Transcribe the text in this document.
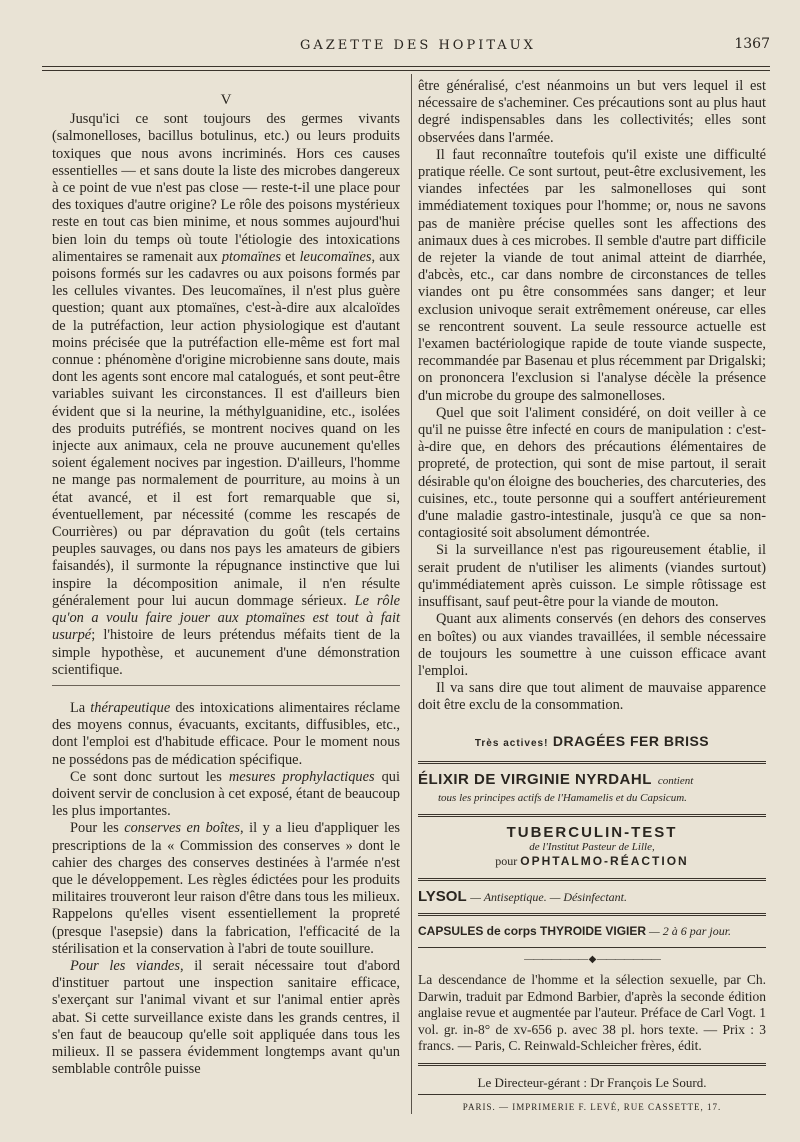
GAZETTE DES HOPITAUX	1367
V

Jusqu'ici ce sont toujours des germes vivants (salmonelloses, bacillus botulinus, etc.) ou leurs produits toxiques que nous avons incriminés. Hors ces causes essentielles — et sans doute la liste des microbes dangereux à ce point de vue n'est pas close — reste-t-il une place pour des toxiques d'autre origine? Le rôle des poisons mystérieux reste en tout cas bien minime, et nous sommes aujourd'hui bien loin du temps où toute l'étiologie des intoxications alimentaires se ramenait aux ptomaïnes et leucomaïnes, aux poisons formés sur les cadavres ou aux poisons formés par les cellules vivantes. Des leucomaïnes, il n'est plus guère question; quant aux ptomaïnes, c'est-à-dire aux alcaloïdes de la putréfaction, leur action physiologique est d'autant moins précisée que la putréfaction elle-même est fort mal connue : phénomène d'origine microbienne sans doute, mais dont les agents sont encore mal catalogués, et sont peut-être variables suivant les circonstances. Il est d'ailleurs bien évident que si la neurine, la méthylguanidine, etc., isolées des produits putréfiés, se montrent nocives quand on les injecte aux animaux, cela ne prouve aucunement qu'elles soient également nocives par ingestion. D'ailleurs, l'homme ne mange pas normalement de pourriture, au moins à un état avancé, et il est fort remarquable que si, éventuellement, par nécessité (comme les rescapés de Courrières) ou par dépravation du goût (tels certains peuples sauvages, ou dans nos pays les amateurs de gibiers faisandés), il surmonte la répugnance instinctive que lui inspire la décomposition animale, il n'en résulte généralement pour lui aucun dommage sérieux. Le rôle qu'on a voulu faire jouer aux ptomaïnes est tout à fait usurpé; l'histoire de leurs prétendus méfaits tient de la simple hypothèse, et aucunement d'une démonstration scientifique.

La thérapeutique des intoxications alimentaires réclame des moyens connus, évacuants, excitants, diffusibles, etc., dont l'emploi est d'habitude efficace. Pour le moment nous ne possédons pas de médication spécifique.

Ce sont donc surtout les mesures prophylactiques qui doivent servir de conclusion à cet exposé, étant de beaucoup les plus importantes.

Pour les conserves en boîtes, il y a lieu d'appliquer les prescriptions de la « Commission des conserves » dont le cahier des charges des conserves destinées à l'armée n'est que le développement. Les règles édictées pour les produits militaires trouveront leur raison d'être dans tous les milieux. Rappelons qu'elles visent essentiellement la propreté (presque l'asepsie) dans la fabrication, l'efficacité de la stérilisation et la conservation à l'abri de toute souillure.

Pour les viandes, il serait nécessaire tout d'abord d'instituer partout une inspection sanitaire efficace, s'exerçant sur l'animal vivant et sur l'animal entier après abat. Si cette surveillance existe dans les grands centres, il s'en faut de beaucoup qu'elle soit appliquée dans tous les milieux. Il se passera évidemment longtemps avant qu'un semblable contrôle puisse

être généralisé, c'est néanmoins un but vers lequel il est nécessaire de s'acheminer. Ces précautions sont au plus haut degré indispensables dans les collectivités; elles sont observées dans l'armée.

Il faut reconnaître toutefois qu'il existe une difficulté pratique réelle. Ce sont surtout, peut-être exclusivement, les viandes infectées par les salmonelloses qui sont immédiatement toxiques pour l'homme; or, nous ne savons pas de manière précise quelles sont les affections des animaux dues à ces microbes. Il semble d'autre part difficile de rejeter la viande de tout animal atteint de diarrhée, d'abcès, etc., car dans nombre de circonstances de telles viandes ont pu être consommées sans danger; et leur exclusion univoque serait extrêmement onéreuse, car elles se rencontrent souvent. La seule ressource actuelle est l'examen bactériologique rapide de toute viande suspecte, recommandée par Basenau et plus récemment par Drigalski; on prononcera l'exclusion si l'analyse décèle la présence d'un microbe du groupe des salmonelloses.

Quel que soit l'aliment considéré, on doit veiller à ce qu'il ne puisse être infecté en cours de manipulation : c'est-à-dire que, en dehors des précautions élémentaires de propreté, de protection, qui sont de mise partout, il serait désirable qu'on éloigne des boucheries, des charcuteries, des cuisines, etc., toute personne qui a souffert antérieurement d'une maladie gastro-intestinale, jusqu'à ce que sa non-contagiosité soit absolument démontrée.

Si la surveillance n'est pas rigoureusement établie, il serait prudent de n'utiliser les aliments (viandes surtout) qu'immédiatement après cuisson. Le simple rôtissage est insuffisant, sauf peut-être pour la viande de mouton.

Quant aux aliments conservés (en dehors des conserves en boîtes) ou aux viandes travaillées, il semble nécessaire de toujours les soumettre à une cuisson efficace avant l'emploi.

Il va sans dire que tout aliment de mauvaise apparence doit être exclu de la consommation.

Très actives! DRAGÉES FER BRISS
ÉLIXIR DE VIRGINIE NYRDAHL contient
tous les principes actifs de l'Hamamelis et du Capsicum.
TUBERCULIN-TEST
de l'Institut Pasteur de Lille,
pour OPHTALMO-RÉACTION
LYSOL — Antiseptique. — Désinfectant.
CAPSULES de corps THYROIDE VIGIER — 2 à 6 par jour.
——————— ◆ ———————

La descendance de l'homme et la sélection sexuelle, par Ch. Darwin, traduit par Edmond Barbier, d'après la seconde édition anglaise revue et augmentée par l'auteur. Préface de Carl Vogt. 1 vol. gr. in-8° de xv-656 p. avec 38 pl. hors texte. — Prix : 3 francs. — Paris, C. Reinwald-Schleicher frères, édit.

Le Directeur-gérant : Dr François Le Sourd.
PARIS. — IMPRIMERIE F. LEVÉ, RUE CASSETTE, 17.
